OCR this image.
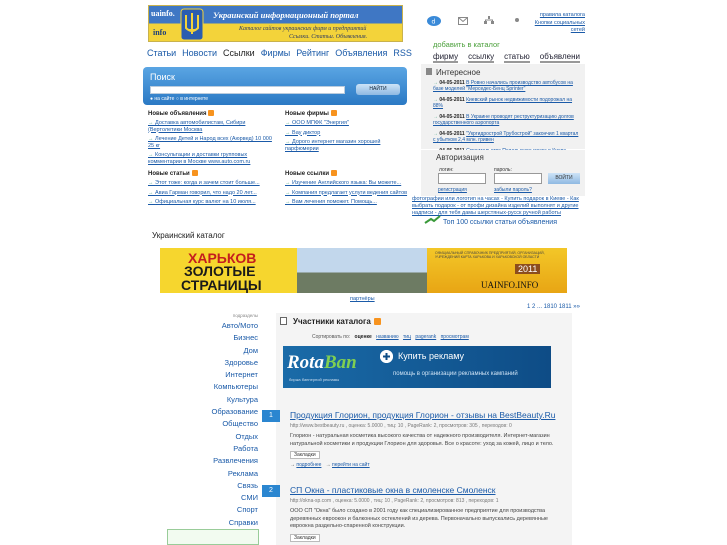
uainfo.
info
Украинский информационный портал
Каталог сайтов украинских фирм и предприятий
Ссылки. Статьи. Объявления.
Статьи Новости Ссылки Фирмы Рейтинг Объявления RSS
Поиск
НАЙТИ
● на сайте ○ в интернете
Новые объявления
→ Доставка автомобилистам, Сибири (Вертолетики Москва
→ Лечение Детей и Народ всех (Аюрвед) 10 000 25 кг
→ Консультации и доставки групповых комментарии в Москве www.auto.com.ru
Новые фирмы
→ ООО МПФК "Энергия"
→ Вау диктор
→ Дорого интернет магазин хорошей парфюмерии
Новые статьи
→ Этот тоже: когда и зачем стоит больше...
→ Авиа Гарман говорил, что надо 20 лет...
→ Официальная курс валют на 10 июля...
Новые ссылки
→ Изучение Английского языка: Вы можете...
→ Компания предлагает услуги ведения сайтов
→ Вам лечения поможет. Помощь...
d
правила каталога
Кнопки социальных
сетей
добавить в каталог
фирму ссылку статью объявлени
Интересное
→ 04-05-2011 В Ровно начались производство автобусов на базе моделей "Мерседес-Бенц Sprinter"
→ 04-05-2011 Киевский рынок недвижимости подорожал на 88%
→ 04-05-2011 В Украине проводят реструктуризацию долгов государственного аэропорта
→ 04-05-2011 "Укргидрострой Трубострой" закончил 1 квартал с убытком 2,4 млн. гривен
→
Авторизация
логин:	пароль:
ВОЙТИ
регистрация	забыли пароль?
фотографии или логотип на часах - Купить подарок в Киеве - Как выбрать подарок - от профи дизайна изделий выполнят и другие надписи - для тебя дамы шерстяных-русск ручной работы
Топ 100 ссылки статьи объявления
Украинский каталог
ХАРЬКОВ
ЗОЛОТЫЕ
СТРАНИЦЫ
ОФИЦИАЛЬНЫЙ СПРАВОЧНИК ПРЕДПРИЯТИЙ, ОРГАНИЗАЦИЙ, УЧРЕЖДЕНИЙ КАРТА ХАРЬКОВА И ХАРЬКОВСКОЙ ОБЛАСТИ
2011
UAINFO.INFO
партнёры
1 2 ... 1810 1811 »»
подразделы
Авто/Мото
Бизнес
Дом
Здоровье
Интернет
Компьютеры
Культура
Образование
Общество
Отдых
Работа
Развлечения
Реклама
Связь
СМИ
Спорт
Справки
Участники каталога
Сортировать по: оценке названию тиц pagerank просмотрам
RotaBan
биржа баннерной рекламы
Купить рекламу
помощь в организации рекламных кампаний
1	Продукция Глорион, продукция Глорион - отзывы на BestBeauty.Ru
http://www.bestbeauty.ru , оценка: 5.0000 , тиц: 10 , PageRank: 2, просмотров: 305 , переходов: 0
Глорион - натуральная косметика высокого качества от надежного производителя. Интернет-магазин натуральной косметики и продукции Глорион для здоровья. Все о красоте: уход за кожей, лицо и тело.
Закладки
→ подробнее → перейти на сайт
2	СП Окна - пластиковые окна в смоленске Смоленск
http://okna-sp.com , оценка: 5.0000 , тиц: 10 , PageRank: 2, просмотров: 813 , переходов: 1
ООО СП "Окна" было создано в 2001 году как специализированное предприятие для производства деревянных евроокон и балконных остеклений из дерева. Первоначально выпускались деревянные евроокна раздельно-спаренной конструкции.
Закладки
